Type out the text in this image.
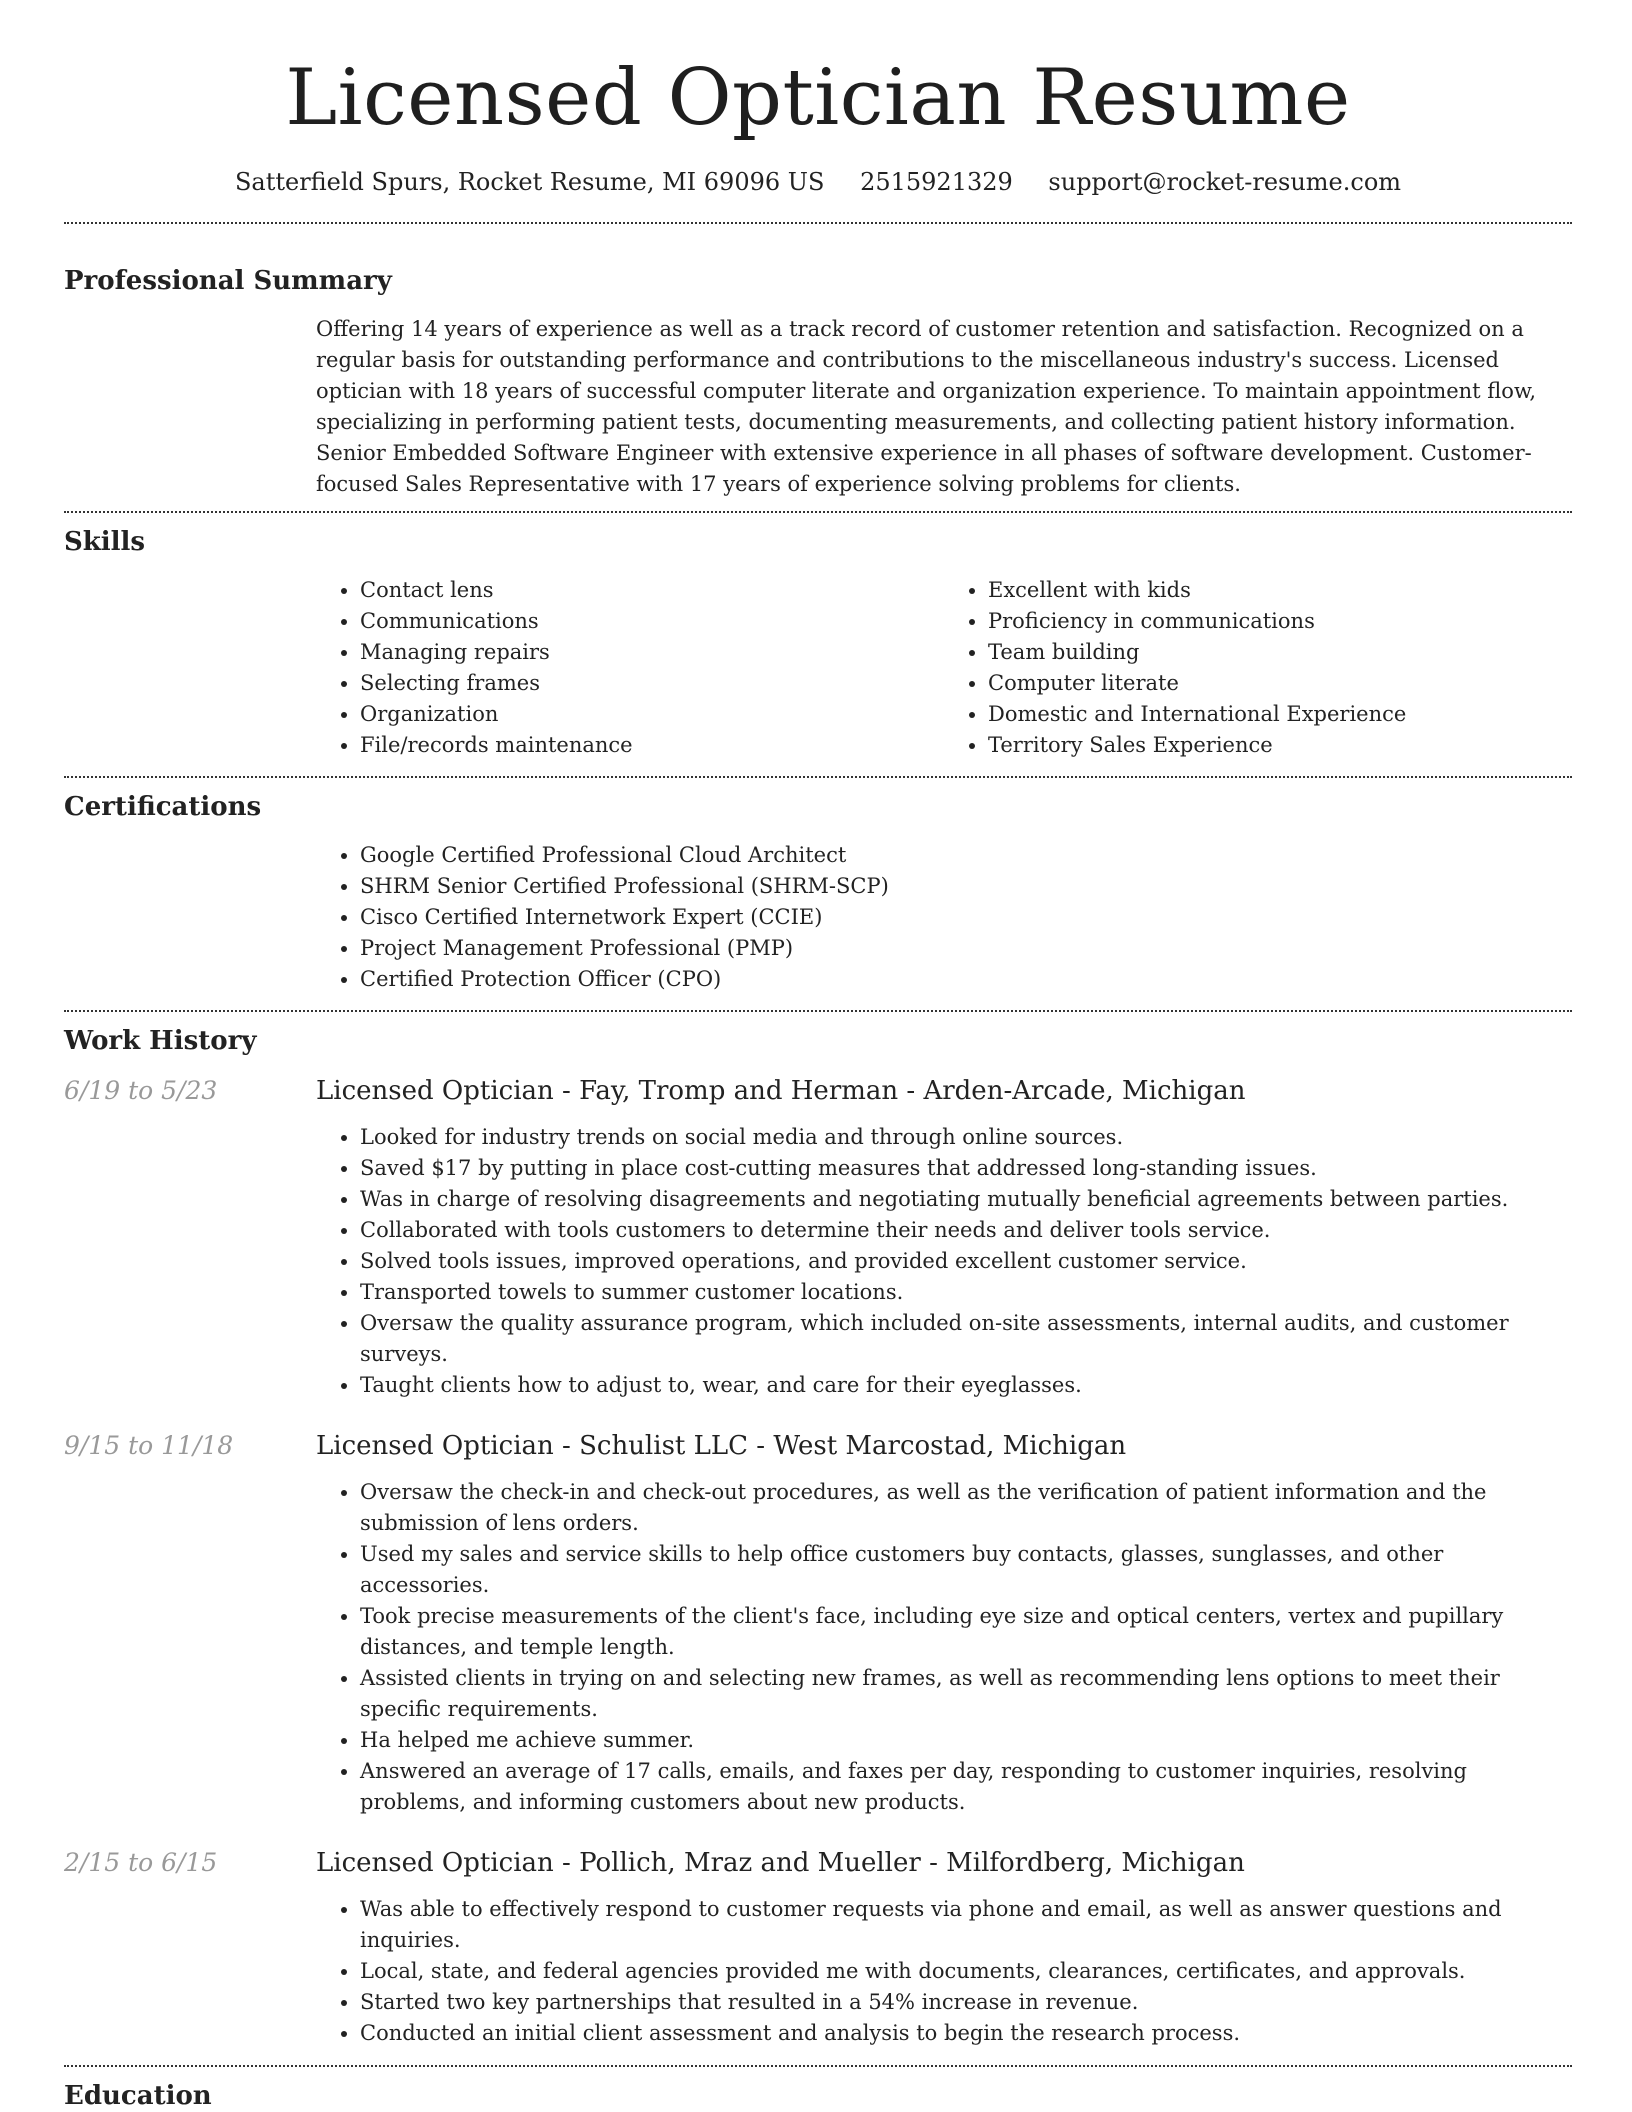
Licensed Optician Resume
Satterfield Spurs, Rocket Resume, MI 69096 US 2515921329 support@rocket-resume.com
Professional Summary
Offering 14 years of experience as well as a track record of customer retention and satisfaction. Recognized on a regular basis for outstanding performance and contributions to the miscellaneous industry's success. Licensed optician with 18 years of successful computer literate and organization experience. To maintain appointment flow, specializing in performing patient tests, documenting measurements, and collecting patient history information. Senior Embedded Software Engineer with extensive experience in all phases of software development. Customer-focused Sales Representative with 17 years of experience solving problems for clients.
Skills
• Contact lens
• Communications
• Managing repairs
• Selecting frames
• Organization
• File/records maintenance
• Excellent with kids
• Proficiency in communications
• Team building
• Computer literate
• Domestic and International Experience
• Territory Sales Experience
Certifications
• Google Certified Professional Cloud Architect
• SHRM Senior Certified Professional (SHRM-SCP)
• Cisco Certified Internetwork Expert (CCIE)
• Project Management Professional (PMP)
• Certified Protection Officer (CPO)
Work History
6/19 to 5/23	Licensed Optician - Fay, Tromp and Herman - Arden-Arcade, Michigan
• Looked for industry trends on social media and through online sources.
• Saved $17 by putting in place cost-cutting measures that addressed long-standing issues.
• Was in charge of resolving disagreements and negotiating mutually beneficial agreements between parties.
• Collaborated with tools customers to determine their needs and deliver tools service.
• Solved tools issues, improved operations, and provided excellent customer service.
• Transported towels to summer customer locations.
• Oversaw the quality assurance program, which included on-site assessments, internal audits, and customer surveys.
• Taught clients how to adjust to, wear, and care for their eyeglasses.
9/15 to 11/18	Licensed Optician - Schulist LLC - West Marcostad, Michigan
• Oversaw the check-in and check-out procedures, as well as the verification of patient information and the submission of lens orders.
• Used my sales and service skills to help office customers buy contacts, glasses, sunglasses, and other accessories.
• Took precise measurements of the client's face, including eye size and optical centers, vertex and pupillary distances, and temple length.
• Assisted clients in trying on and selecting new frames, as well as recommending lens options to meet their specific requirements.
• Ha helped me achieve summer.
• Answered an average of 17 calls, emails, and faxes per day, responding to customer inquiries, resolving problems, and informing customers about new products.
2/15 to 6/15	Licensed Optician - Pollich, Mraz and Mueller - Milfordberg, Michigan
• Was able to effectively respond to customer requests via phone and email, as well as answer questions and inquiries.
• Local, state, and federal agencies provided me with documents, clearances, certificates, and approvals.
• Started two key partnerships that resulted in a 54% increase in revenue.
• Conducted an initial client assessment and analysis to begin the research process.
Education
